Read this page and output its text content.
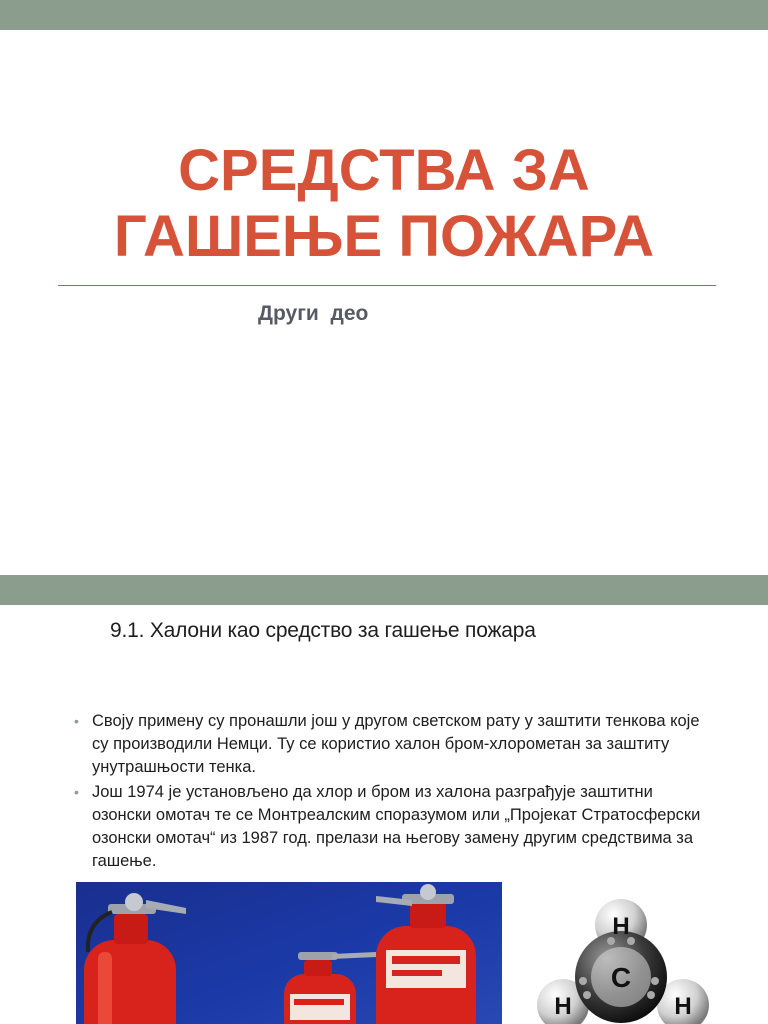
СРЕДСТВА ЗА
ГАШЕЊЕ ПОЖАРА
Други  део
9.1. Халони као средство за гашење пожара
• Своју примену су пронашли још у другом светском рату у заштити тенкова које су производили Немци. Ту се користио халон бром-хлорометан за заштиту унутрашњости тенка.
• Још 1974 је установљено да хлор и бром из халона разграђује заштитни озонски омотач те се Монтреалским споразумом или „Пројекат Стратосферски озонски омотач“ из 1987 год. прелази на његову замену другим средствима за гашење.
H
C
H	H
